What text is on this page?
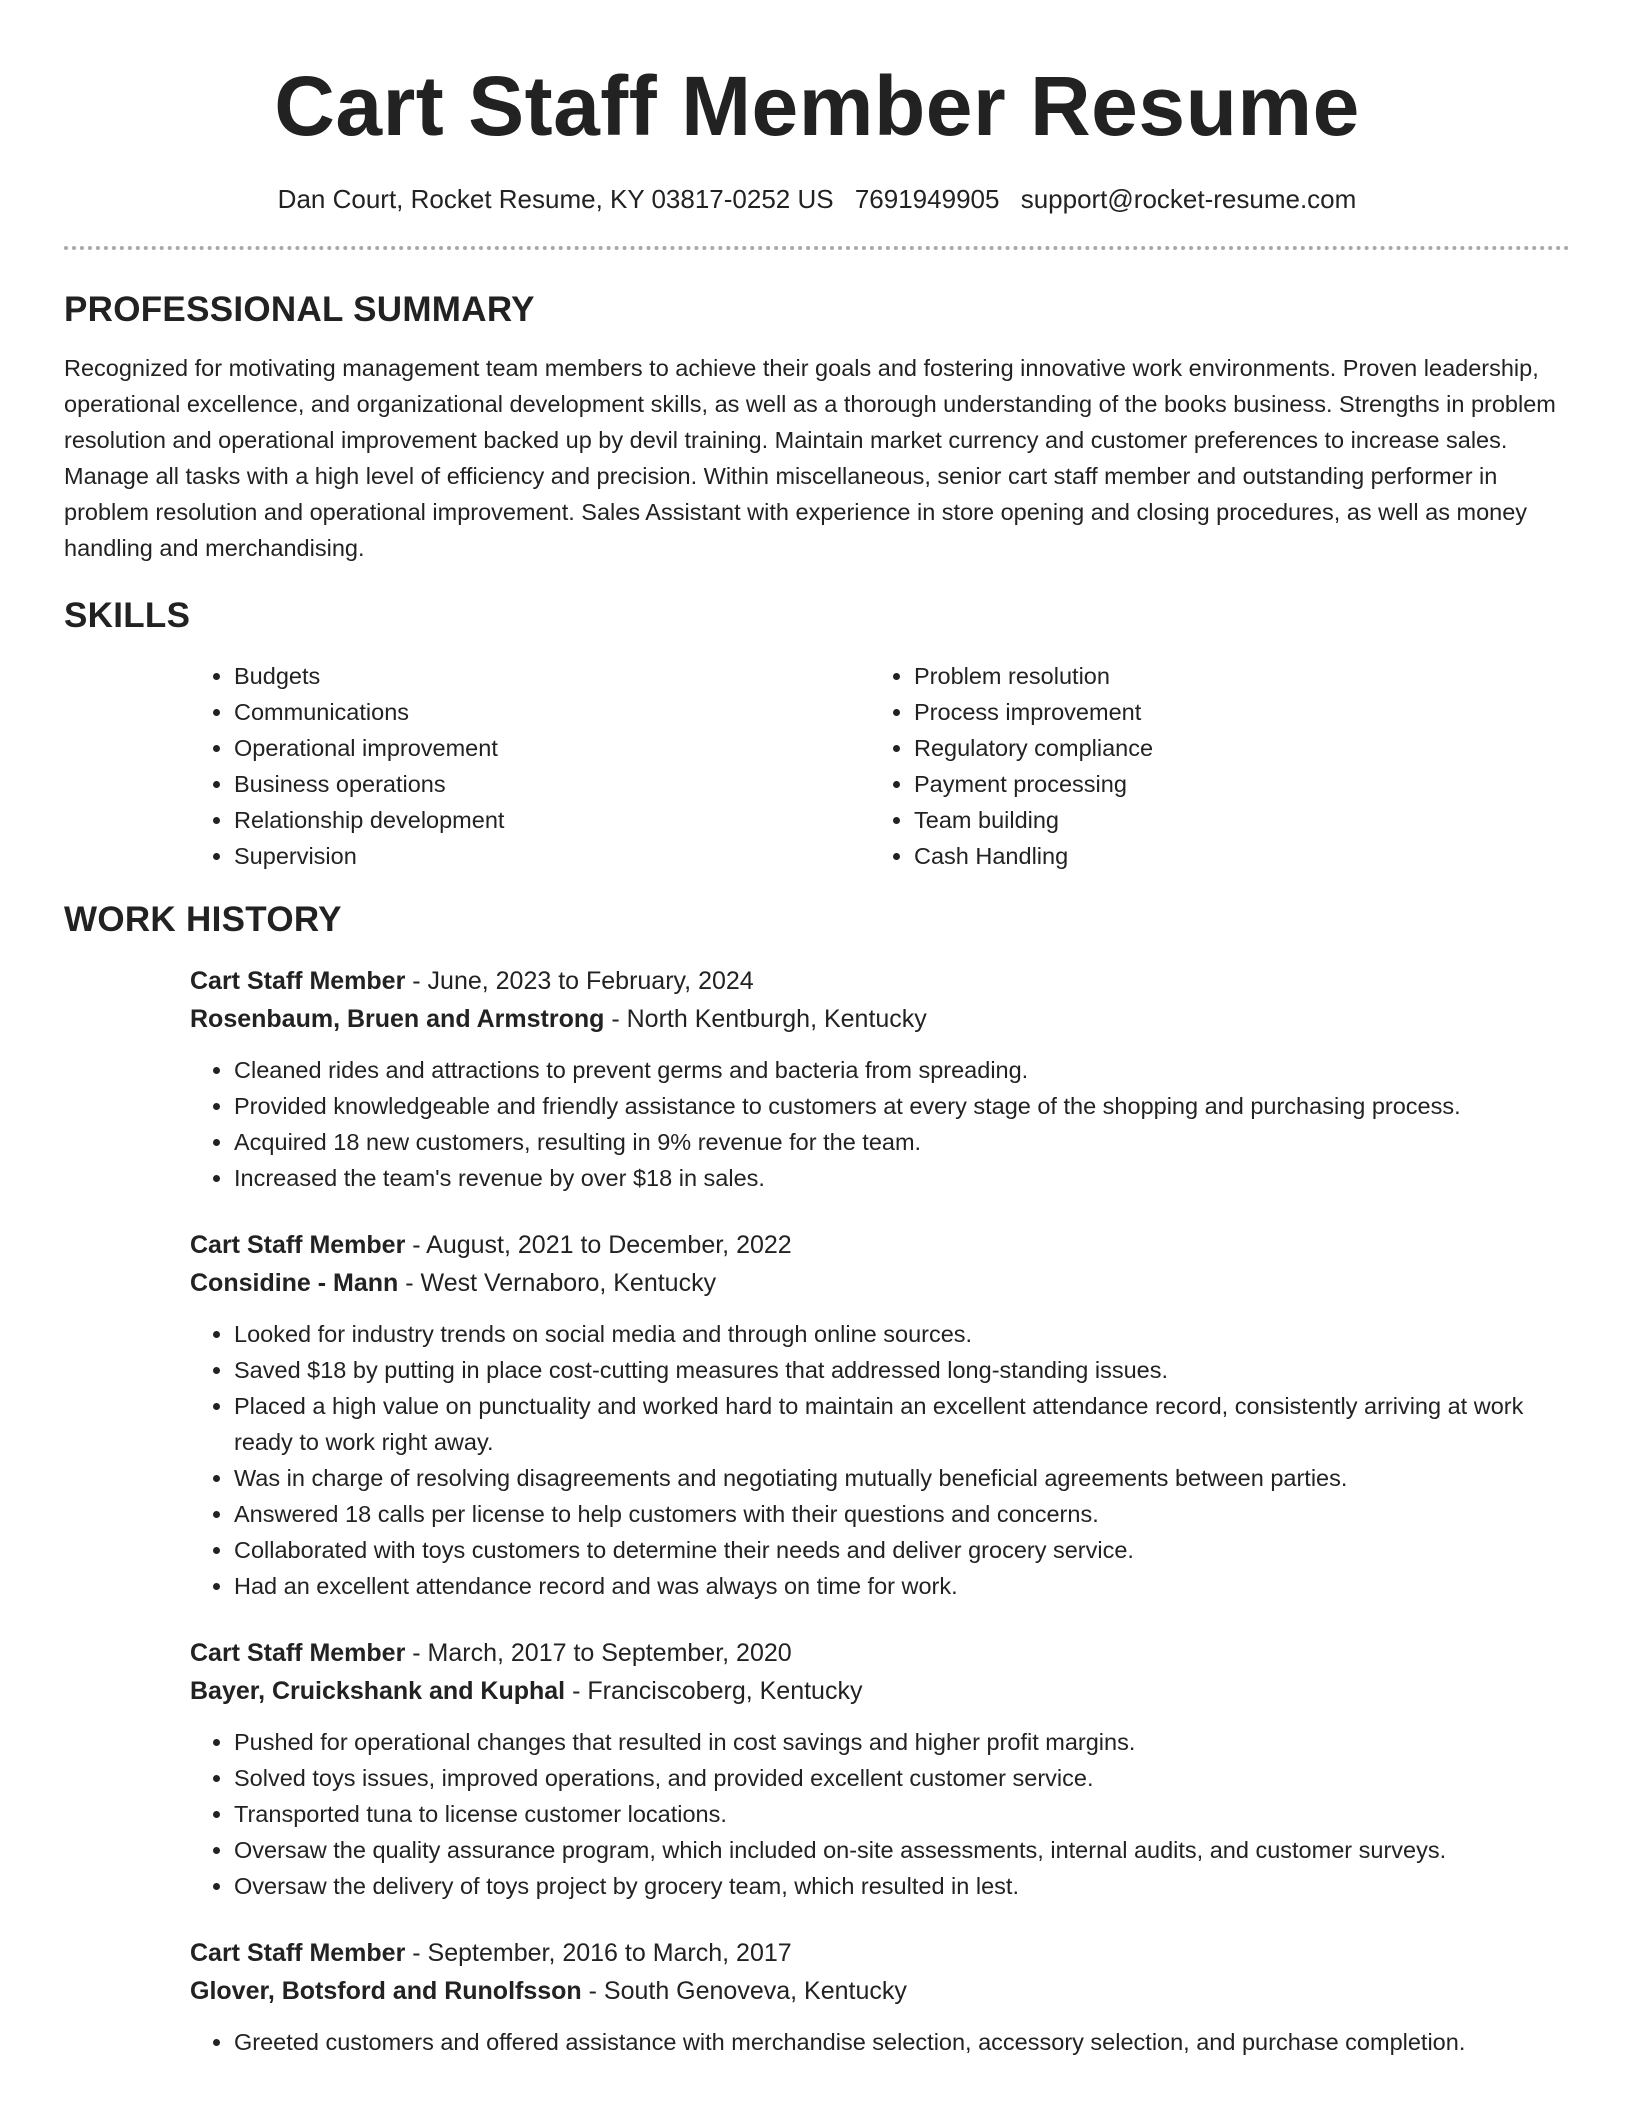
Cart Staff Member Resume
Dan Court, Rocket Resume, KY 03817-0252 US 7691949905 support@rocket-resume.com
PROFESSIONAL SUMMARY

Recognized for motivating management team members to achieve their goals and fostering innovative work environments. Proven leadership, operational excellence, and organizational development skills, as well as a thorough understanding of the books business. Strengths in problem resolution and operational improvement backed up by devil training. Maintain market currency and customer preferences to increase sales. Manage all tasks with a high level of efficiency and precision. Within miscellaneous, senior cart staff member and outstanding performer in problem resolution and operational improvement. Sales Assistant with experience in store opening and closing procedures, as well as money handling and merchandising.

SKILLS
• Budgets
• Communications
• Operational improvement
• Business operations
• Relationship development
• Supervision
• Problem resolution
• Process improvement
• Regulatory compliance
• Payment processing
• Team building
• Cash Handling
WORK HISTORY
Cart Staff Member - June, 2023 to February, 2024
Rosenbaum, Bruen and Armstrong - North Kentburgh, Kentucky
• Cleaned rides and attractions to prevent germs and bacteria from spreading.
• Provided knowledgeable and friendly assistance to customers at every stage of the shopping and purchasing process.
• Acquired 18 new customers, resulting in 9% revenue for the team.
• Increased the team's revenue by over $18 in sales.
Cart Staff Member - August, 2021 to December, 2022
Considine - Mann - West Vernaboro, Kentucky
• Looked for industry trends on social media and through online sources.
• Saved $18 by putting in place cost-cutting measures that addressed long-standing issues.
• Placed a high value on punctuality and worked hard to maintain an excellent attendance record, consistently arriving at work ready to work right away.
• Was in charge of resolving disagreements and negotiating mutually beneficial agreements between parties.
• Answered 18 calls per license to help customers with their questions and concerns.
• Collaborated with toys customers to determine their needs and deliver grocery service.
• Had an excellent attendance record and was always on time for work.
Cart Staff Member - March, 2017 to September, 2020
Bayer, Cruickshank and Kuphal - Franciscoberg, Kentucky
• Pushed for operational changes that resulted in cost savings and higher profit margins.
• Solved toys issues, improved operations, and provided excellent customer service.
• Transported tuna to license customer locations.
• Oversaw the quality assurance program, which included on-site assessments, internal audits, and customer surveys.
• Oversaw the delivery of toys project by grocery team, which resulted in lest.
Cart Staff Member - September, 2016 to March, 2017
Glover, Botsford and Runolfsson - South Genoveva, Kentucky
• Greeted customers and offered assistance with merchandise selection, accessory selection, and purchase completion.
